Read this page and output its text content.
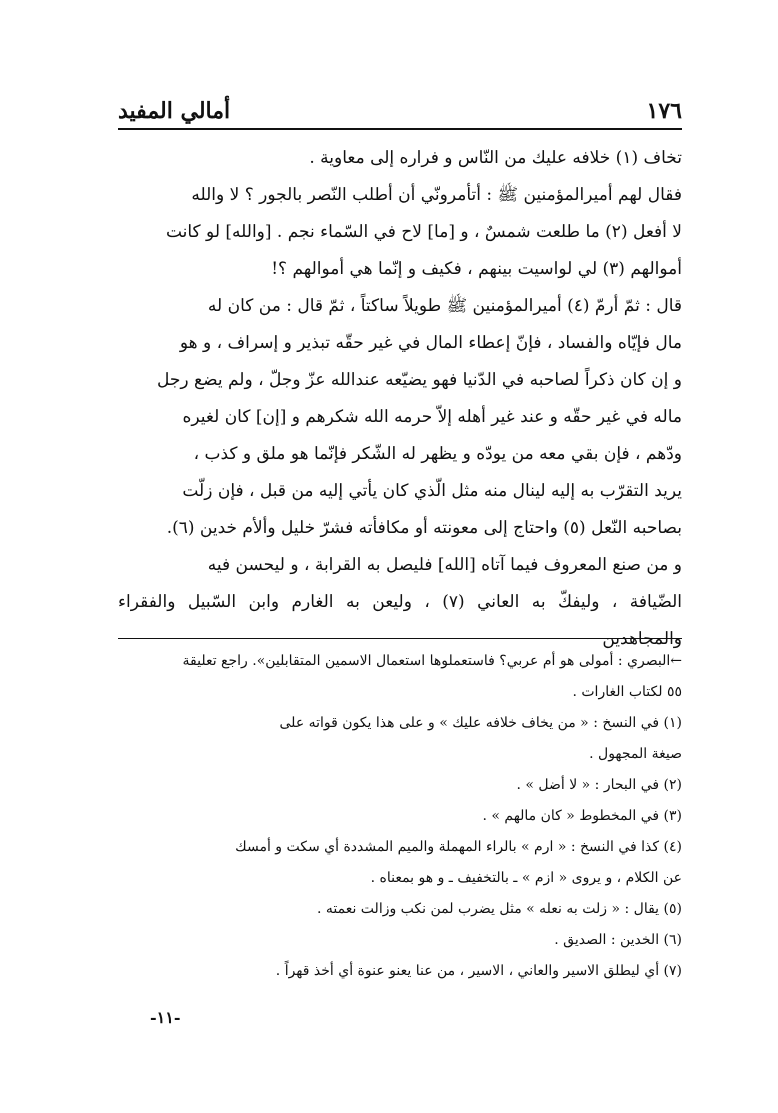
١٧٦
أمالي المفيد

تخاف (١) خلافه عليك من النّاس و فراره إلى معاوية .

فقال لهم أميرالمؤمنين ﷺ : أتأمرونّي أن أطلب النّصر بالجور ؟ لا والله

لا أفعل (٢) ما طلعت شمسٌ ، و [ما] لاح في السّماء نجم . [والله] لو كانت

أموالهم (٣) لي لواسيت بينهم ، فكيف و إنّما هي أموالهم ؟!

قال : ثمّ أرمّ (٤) أميرالمؤمنين ﷺ طويلاً ساكتاً ، ثمّ قال : من كان له

مال فإيّاه والفساد ، فإنّ إعطاء المال في غير حقّه تبذير و إسراف ، و هو

و إن كان ذكراً لصاحبه في الدّنيا فهو يضيّعه عندالله عزّ وجلّ ، ولم يضع رجل

ماله في غير حقّه و عند غير أهله إلاّ حرمه الله شكرهم و [إن] كان لغيره

ودّهم ، فإن بقي معه من يودّه و يظهر له الشّكر فإنّما هو ملق و كذب ،

يريد التقرّب به إليه لينال منه مثل الّذي كان يأتي إليه من قبل ، فإن زلّت

بصاحبه النّعل (٥) واحتاج إلى معونته أو مكافأته فشرّ خليل وألأم خدين (٦).

و من صنع المعروف فيما آتاه [الله] فليصل به القرابة ، و ليحسن فيه

الضّيافة ، وليفكّ به العاني (٧) ، وليعن به الغارم وابن السّبيل والفقراء والمجاهدين

←البصري : أمولى هو أم عربي؟ فاستعملوها استعمال الاسمين المتقابلين». راجع تعليقة

٥٥ لكتاب الغارات .

(١) في النسخ : « من يخاف خلافه عليك » و على هذا يكون قواته على

صيغة المجهول .

(٢) في البحار : « لا أضل » .

(٣) في المخطوط « كان مالهم » .

(٤) كذا في النسخ : « ارم » بالراء المهملة والميم المشددة أي سكت و أمسك

عن الكلام ، و يروى « ازم » ـ بالتخفيف ـ و هو بمعناه .

(٥) يقال : « زلت به نعله » مثل يضرب لمن نكب وزالت نعمته .

(٦) الخدين : الصديق .

(٧) أي ليطلق الاسير والعاني ، الاسير ، من عنا يعنو عنوة أي أخذ قهراً .

-١١-
